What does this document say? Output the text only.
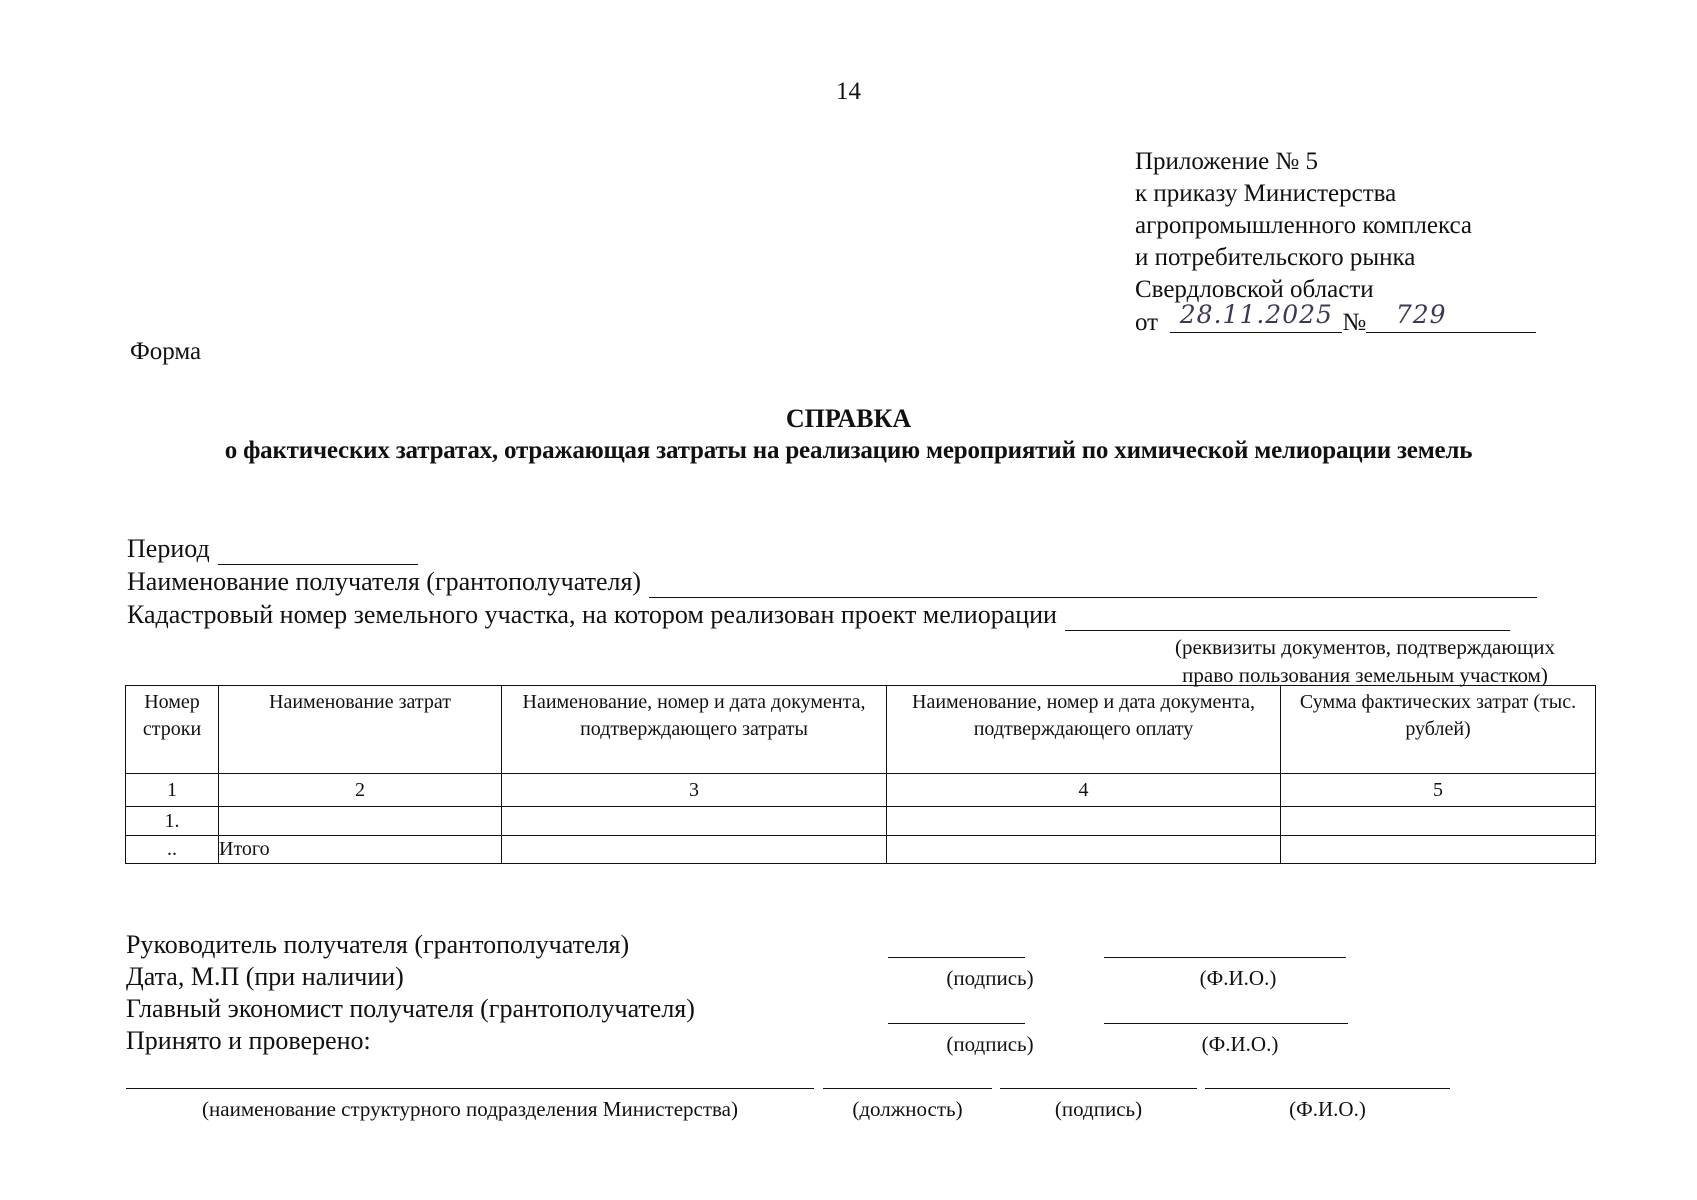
14
Приложение № 5
к приказу Министерства
агропромышленного комплекса
и потребительского рынка
Свердловской области
от 28.11.2025 № 729
Форма
СПРАВКА
о фактических затратах, отражающая затраты на реализацию мероприятий по химической мелиорации земель
Период
Наименование получателя (грантополучателя)
Кадастровый номер земельного участка, на котором реализован проект мелиорации
(реквизиты документов, подтверждающих
право пользования земельным участком)
Номер строки	Наименование затрат	Наименование, номер и дата документа, подтверждающего затраты	Наименование, номер и дата документа, подтверждающего оплату	Сумма фактических затрат (тыс. рублей)
1	2	3	4	5
1.				
..	Итого			
Руководитель получателя (грантополучателя)
Дата, М.П (при наличии)
Главный экономист получателя (грантополучателя)
Принято и проверено:
(подпись)	(Ф.И.О.)
(подпись)	(Ф.И.О.)
(наименование структурного подразделения Министерства)	(должность)	(подпись)	(Ф.И.О.)
